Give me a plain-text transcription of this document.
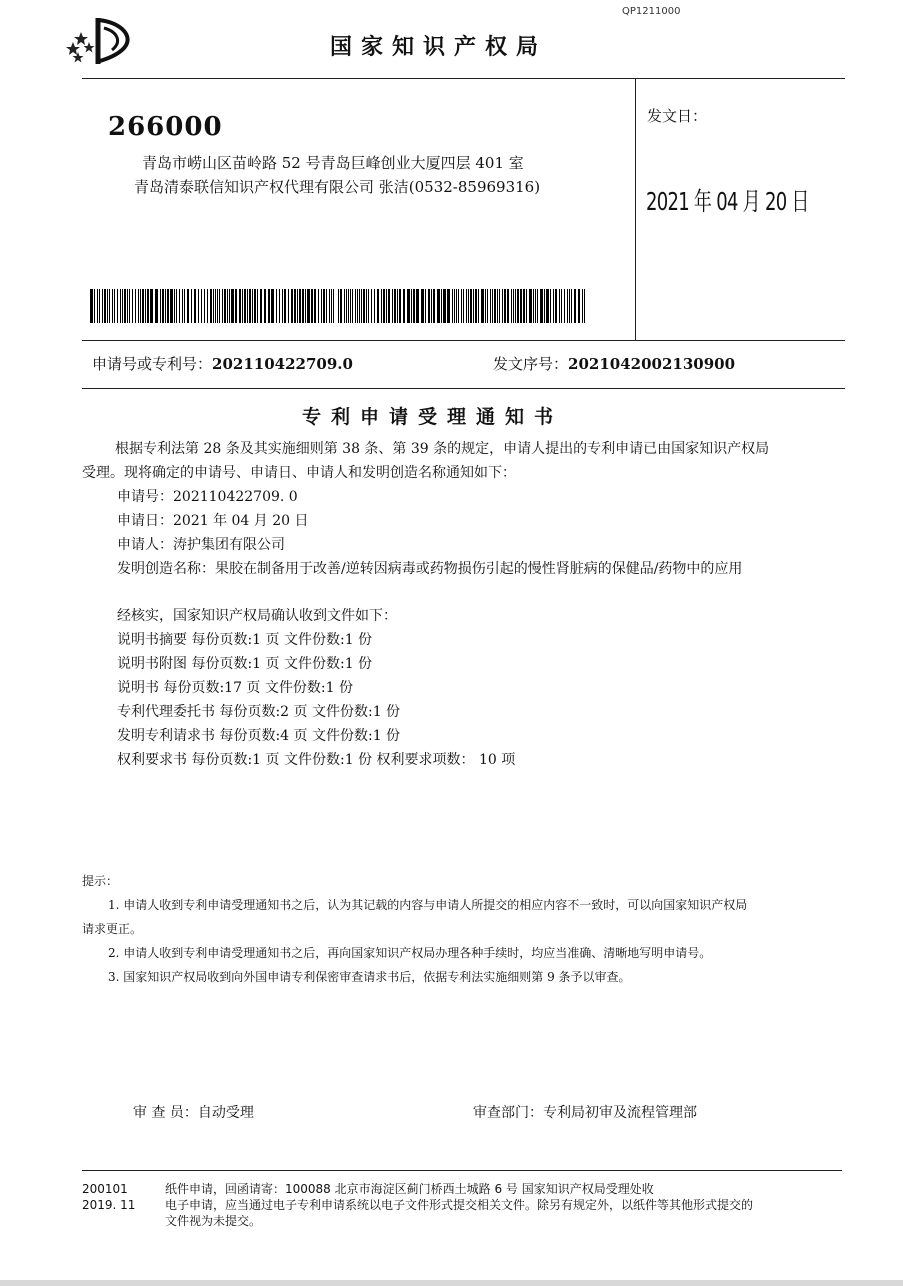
QP1211000
国家知识产权局
266000
青岛市崂山区苗岭路 52 号青岛巨峰创业大厦四层 401 室
青岛清泰联信知识产权代理有限公司 张洁(0532-85969316)
发文日：
2021 年 04 月 20 日
申请号或专利号：202110422709.0	发文序号：2021042002130900
专利申请受理通知书
根据专利法第 28 条及其实施细则第 38 条、第 39 条的规定，申请人提出的专利申请已由国家知识产权局
受理。现将确定的申请号、申请日、申请人和发明创造名称通知如下：
申请号：202110422709. 0
申请日：2021 年 04 月 20 日
申请人：涛护集团有限公司
发明创造名称：果胶在制备用于改善/逆转因病毒或药物损伤引起的慢性肾脏病的保健品/药物中的应用
经核实，国家知识产权局确认收到文件如下：
说明书摘要 每份页数:1 页 文件份数:1 份
说明书附图 每份页数:1 页 文件份数:1 份
说明书 每份页数:17 页 文件份数:1 份
专利代理委托书 每份页数:2 页 文件份数:1 份
发明专利请求书 每份页数:4 页 文件份数:1 份
权利要求书 每份页数:1 页 文件份数:1 份 权利要求项数： 10 项
提示：
1. 申请人收到专利申请受理通知书之后，认为其记载的内容与申请人所提交的相应内容不一致时，可以向国家知识产权局
请求更正。
2. 申请人收到专利申请受理通知书之后，再向国家知识产权局办理各种手续时，均应当准确、清晰地写明申请号。
3. 国家知识产权局收到向外国申请专利保密审查请求书后，依据专利法实施细则第 9 条予以审查。
审 查 员：自动受理	审查部门：专利局初审及流程管理部
200101
2019. 11
纸件申请，回函请寄：100088 北京市海淀区蓟门桥西土城路 6 号 国家知识产权局受理处收
电子申请，应当通过电子专利申请系统以电子文件形式提交相关文件。除另有规定外，以纸件等其他形式提交的
文件视为未提交。
